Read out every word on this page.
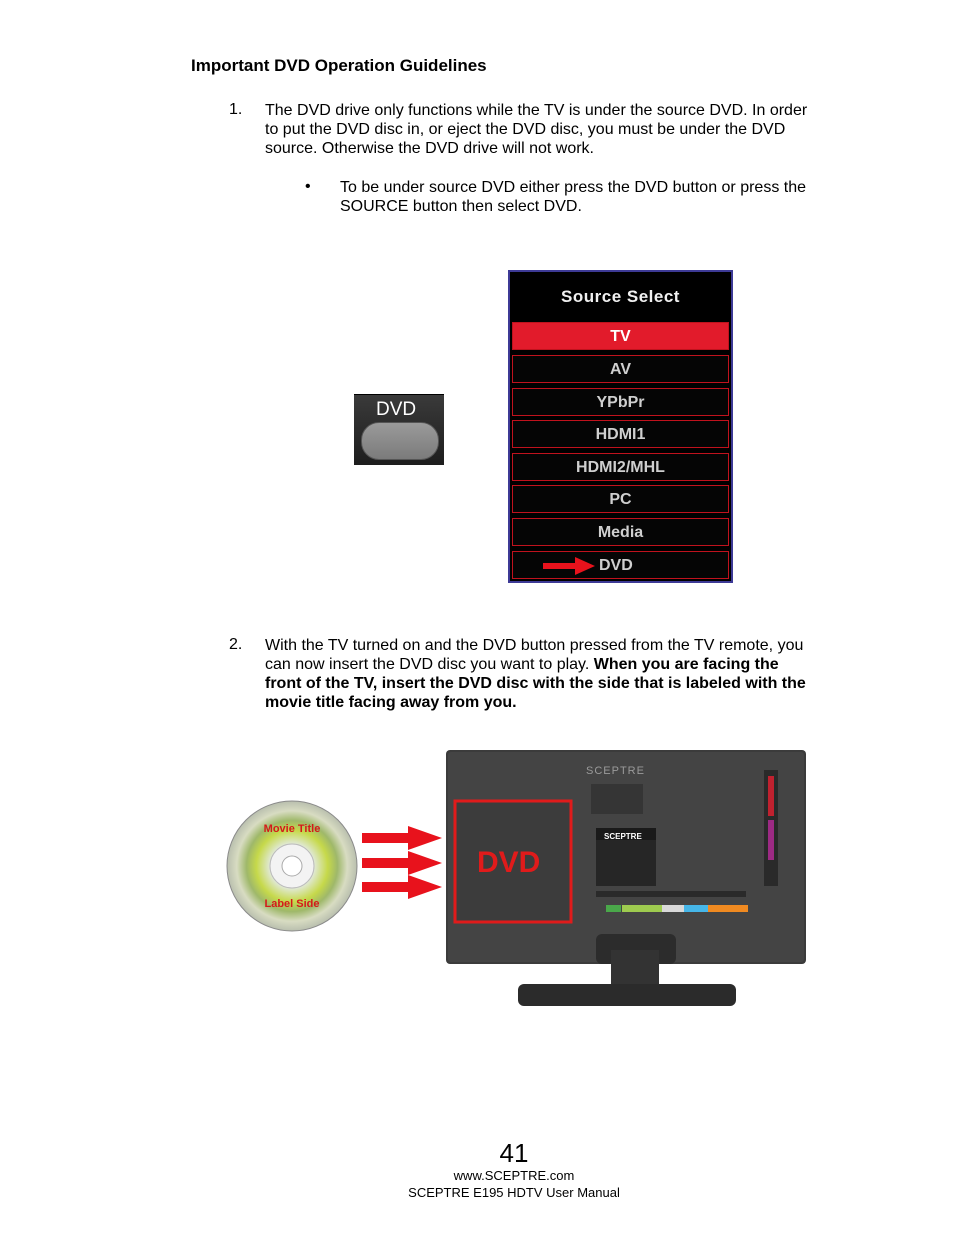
Important DVD Operation Guidelines
1. The DVD drive only functions while the TV is under the source DVD. In order
to put the DVD disc in, or eject the DVD disc, you must be under the DVD
source. Otherwise the DVD drive will not work.
• To be under source DVD either press the DVD button or press the
SOURCE button then select DVD.
DVD
Source Select
TV
AV
YPbPr
HDMI1
HDMI2/MHL
PC
Media
DVD
2. With the TV turned on and the DVD button pressed from the TV remote, you
can now insert the DVD disc you want to play. When you are facing the
front of the TV, insert the DVD disc with the side that is labeled with the
movie title facing away from you.
Movie Title
Label Side
DVD
SCEPTRE
SCEPTRE
41
www.SCEPTRE.com
SCEPTRE E195 HDTV User Manual
